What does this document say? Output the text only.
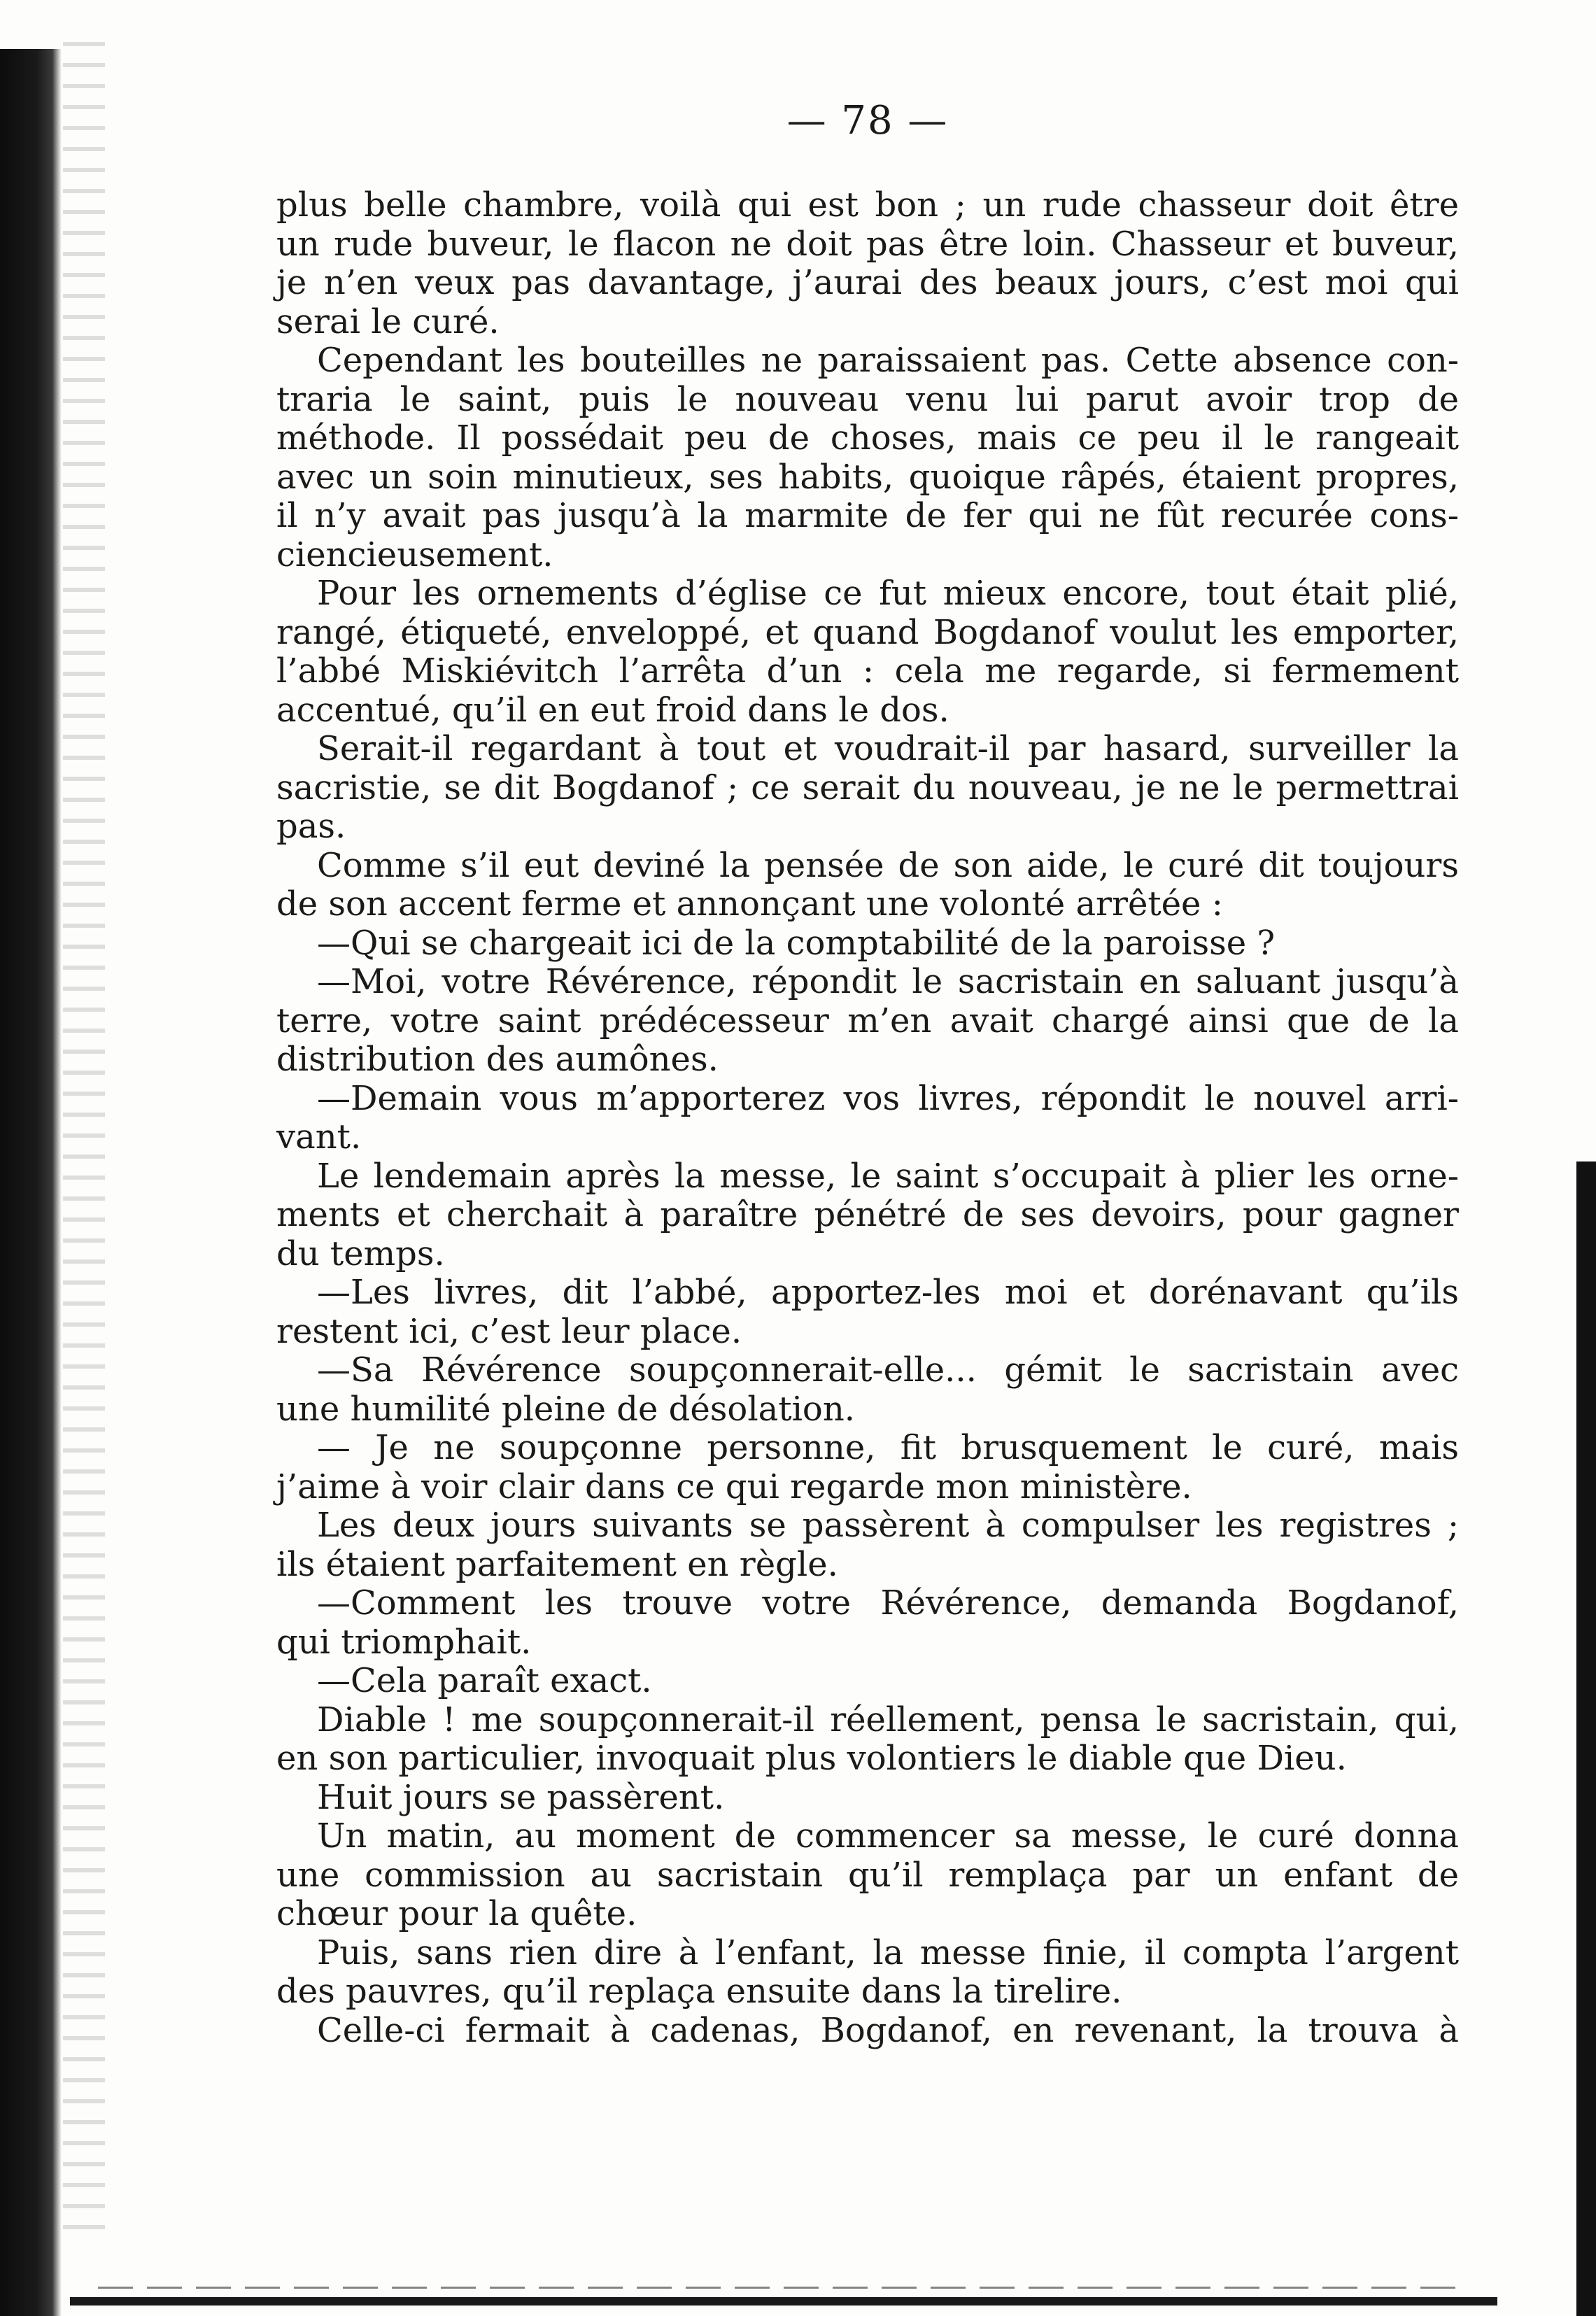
— 78 —
plus belle chambre, voilà qui est bon ; un rude chasseur doit être
un rude buveur, le flacon ne doit pas être loin. Chasseur et buveur,
je n’en veux pas davantage, j’aurai des beaux jours, c’est moi qui
serai le curé.
Cependant les bouteilles ne paraissaient pas. Cette absence con-
traria le saint, puis le nouveau venu lui parut avoir trop de
méthode. Il possédait peu de choses, mais ce peu il le rangeait
avec un soin minutieux, ses habits, quoique râpés, étaient propres,
il n’y avait pas jusqu’à la marmite de fer qui ne fût recurée cons-
ciencieusement.
Pour les ornements d’église ce fut mieux encore, tout était plié,
rangé, étiqueté, enveloppé, et quand Bogdanof voulut les emporter,
l’abbé Miskiévitch l’arrêta d’un : cela me regarde, si fermement
accentué, qu’il en eut froid dans le dos.
Serait-il regardant à tout et voudrait-il par hasard, surveiller la
sacristie, se dit Bogdanof ; ce serait du nouveau, je ne le permettrai
pas.
Comme s’il eut deviné la pensée de son aide, le curé dit toujours
de son accent ferme et annonçant une volonté arrêtée :
—Qui se chargeait ici de la comptabilité de la paroisse ?
—Moi, votre Révérence, répondit le sacristain en saluant jusqu’à
terre, votre saint prédécesseur m’en avait chargé ainsi que de la
distribution des aumônes.
—Demain vous m’apporterez vos livres, répondit le nouvel arri-
vant.
Le lendemain après la messe, le saint s’occupait à plier les orne-
ments et cherchait à paraître pénétré de ses devoirs, pour gagner
du temps.
—Les livres, dit l’abbé, apportez-les moi et dorénavant qu’ils
restent ici, c’est leur place.
—Sa Révérence soupçonnerait-elle... gémit le sacristain avec
une humilité pleine de désolation.
— Je ne soupçonne personne, fit brusquement le curé, mais
j’aime à voir clair dans ce qui regarde mon ministère.
Les deux jours suivants se passèrent à compulser les registres ;
ils étaient parfaitement en règle.
—Comment les trouve votre Révérence, demanda Bogdanof,
qui triomphait.
—Cela paraît exact.
Diable ! me soupçonnerait-il réellement, pensa le sacristain, qui,
en son particulier, invoquait plus volontiers le diable que Dieu.
Huit jours se passèrent.
Un matin, au moment de commencer sa messe, le curé donna
une commission au sacristain qu’il remplaça par un enfant de
chœur pour la quête.
Puis, sans rien dire à l’enfant, la messe finie, il compta l’argent
des pauvres, qu’il replaça ensuite dans la tirelire.
Celle-ci fermait à cadenas, Bogdanof, en revenant, la trouva à
